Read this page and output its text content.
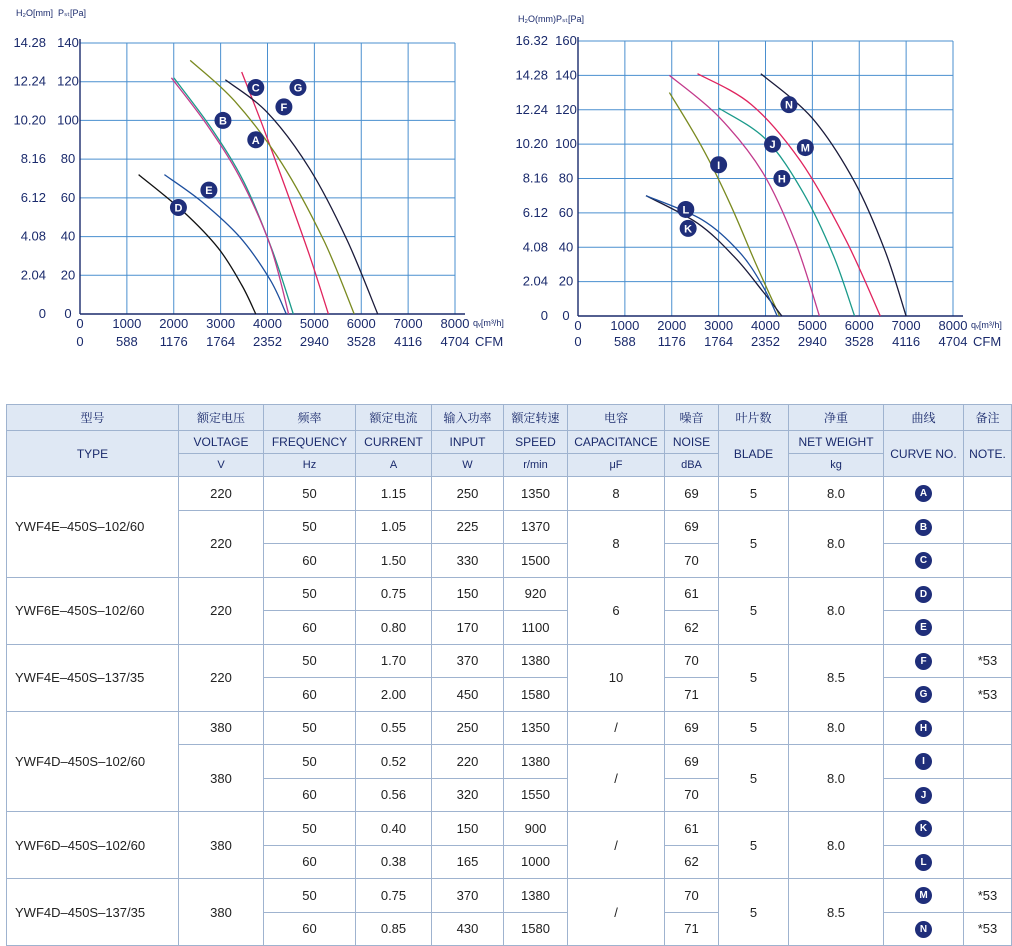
A
B
C
D
E
F
G
0
0
20
2.04
40
4.08
60
6.12
80
8.16
100
10.20
120
12.24
140
14.28
0
0
1000
588
2000
1176
3000
1764
4000
2352
5000
2940
6000
3528
7000
4116
8000
4704
H₂O[mm] Pₛₜ[Pa]
qᵥ[m³/h]
CFM
I
J
H
K
L
M
N
0
0
20
2.04
40
4.08
60
6.12
80
8.16
100
10.20
120
12.24
140
14.28
160
16.32
0
0
1000
588
2000
1176
3000
1764
4000
2352
5000
2940
6000
3528
7000
4116
8000
4704
H₂O(mm) Pₛₜ[Pa]
qᵥ[m³/h]
CFM
型号	额定电压	频率	额定电流	输入功率	额定转速	电容	噪音	叶片数	净重	曲线	备注
TYPE	VOLTAGE	FREQUENCY	CURRENT	INPUT	SPEED	CAPACITANCE	NOISE	BLADE	NET WEIGHT	CURVE NO.	NOTE.
	V	Hz	A	W	r/min	μF	dBA		kg		
YWF4E–450S–102/60	220	50	1.15	250	1350	8	69	5	8.0	A	
	220	50	1.05	225	1370	8	69	5	8.0	B	
		60	1.50	330	1500		70			C	
YWF6E–450S–102/60	220	50	0.75	150	920	6	61	5	8.0	D	
		60	0.80	170	1100		62			E	
YWF4E–450S–137/35	220	50	1.70	370	1380	10	70	5	8.5	F	*53
		60	2.00	450	1580		71			G	*53
YWF4D–450S–102/60	380	50	0.55	250	1350	/	69	5	8.0	H	
	380	50	0.52	220	1380	/	69	5	8.0	I	
		60	0.56	320	1550		70			J	
YWF6D–450S–102/60	380	50	0.40	150	900	/	61	5	8.0	K	
		60	0.38	165	1000		62			L	
YWF4D–450S–137/35	380	50	0.75	370	1380	/	70	5	8.5	M	*53
		60	0.85	430	1580		71			N	*53
